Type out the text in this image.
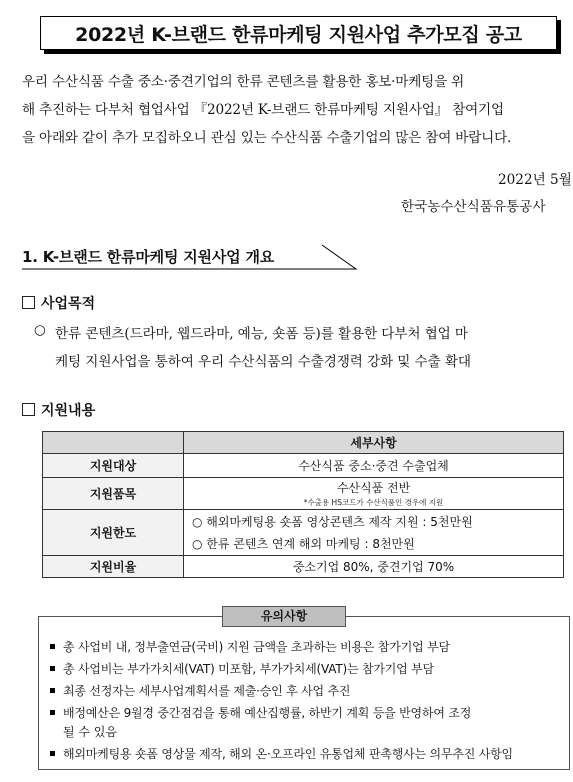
2022년 K-브랜드 한류마케팅 지원사업 추가모집 공고
우리 수산식품 수출 중소·중견기업의 한류 콘텐츠를 활용한 홍보·마케팅을 위
해 추진하는 다부처 협업사업 『2022년 K-브랜드 한류마케팅 지원사업』 참여기업
을 아래와 같이 추가 모집하오니 관심 있는 수산식품 수출기업의 많은 참여 바랍니다.
2022년 5월
한국농수산식품유통공사
1. K-브랜드 한류마케팅 지원사업 개요
사업목적
○ 한류 콘텐츠(드라마, 웹드라마, 예능, 숏폼 등)를 활용한 다부처 협업 마
케팅 지원사업을 통하여 우리 수산식품의 수출경쟁력 강화 및 수출 확대
지원내용
	세부사항
지원대상	수산식품 중소·중견 수출업체
지원품목	수산식품 전반
*수출용 HS코드가 수산식품인 경우에 지원

지원한도	○ 해외마케팅용 숏폼 영상콘텐츠 제작 지원 : 5천만원
○ 한류 콘텐츠 연계 해외 마케팅 : 8천만원

지원비율	중소기업 80%, 중견기업 70%
유의사항
총 사업비 내, 정부출연금(국비) 지원 금액을 초과하는 비용은 참가기업 부담
총 사업비는 부가가치세(VAT) 미포함, 부가가치세(VAT)는 참가기업 부담
최종 선정자는 세부사업계획서를 제출·승인 후 사업 추진
배정예산은 9월경 중간점검을 통해 예산집행률, 하반기 계획 등을 반영하여 조정
될 수 있음
해외마케팅용 숏폼 영상물 제작, 해외 온·오프라인 유통업체 판촉행사는 의무추진 사항임
